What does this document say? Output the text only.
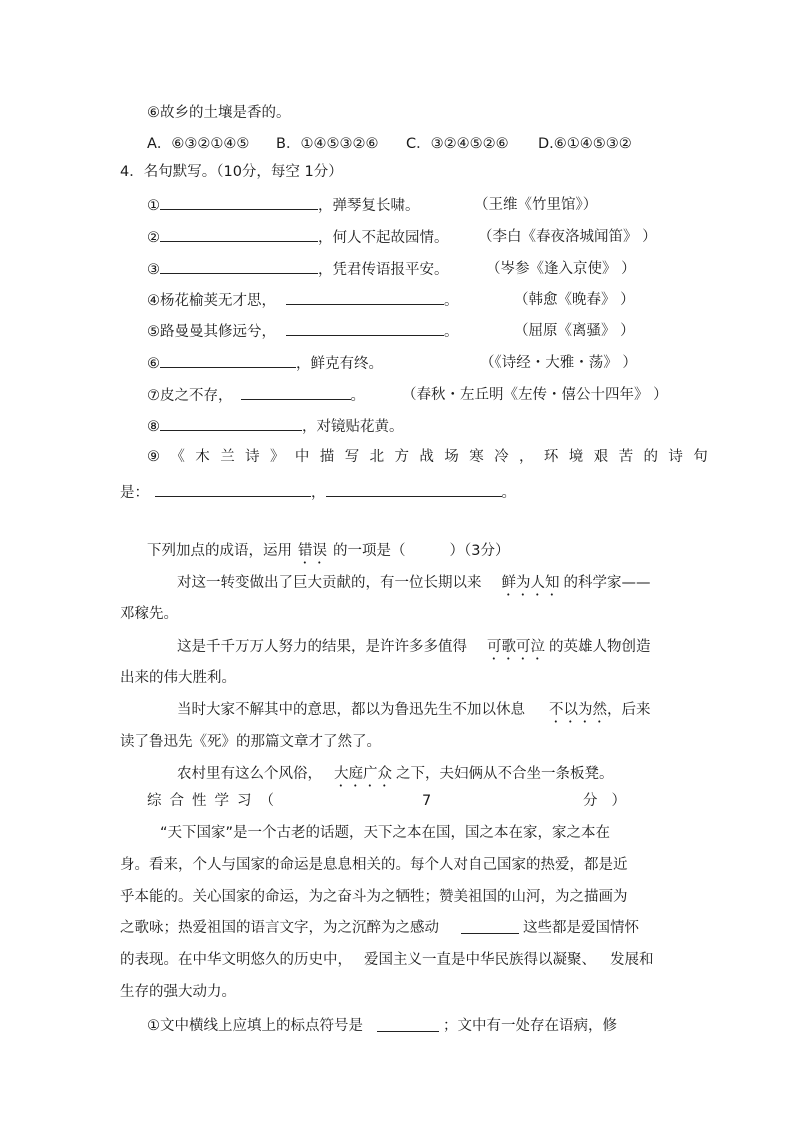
⑥故乡的土壤是香的。
A．⑥③②①④⑤ B．①④⑤③②⑥ C．③②④⑤②⑥ D.⑥①④⑤③②
4．名句默写。（10分，每空 1分）
①	，弹琴复长啸。	（王维《竹里馆》）
②	，何人不起故园情。 （李白《春夜洛城闻笛》 ）
③	，凭君传语报平安。	（岑参《逢入京使》 ）
④杨花榆荚无才思，	。	（韩愈《晚春》 ）
⑤路曼曼其修远兮，	。	（屈原《离骚》 ）
⑥	，鲜克有终。	（《诗经・大雅・荡》 ）
⑦皮之不存，	。	（春秋・左丘明《左传・僖公十四年》 ）
⑧	，对镜贴花黄。
⑨《木兰诗》中描写北方战场寒冷，环境艰苦的诗句
是：	，	。
下列加点的成语，运用 错误 的一项是（	）（3分）
对这一转变做出了巨大贡献的，有一位长期以来 鲜为人知 的科学家——
邓稼先。
这是千千万万人努力的结果，是许许多多值得 可歌可泣 的英雄人物创造
出来的伟大胜利。
当时大家不解其中的意思，都以为鲁迅先生不加以休息 不以为然，后来
读了鲁迅先《死》的那篇文章才了然了。
农村里有这么个风俗， 大庭广众 之下，夫妇俩从不合坐一条板凳。
综合性学习（	7	分）
“天下国家”是一个古老的话题，天下之本在国，国之本在家，家之本在
身。看来，个人与国家的命运是息息相关的。每个人对自己国家的热爱，都是近
乎本能的。关心国家的命运，为之奋斗为之牺牲；赞美祖国的山河，为之描画为
之歌咏；热爱祖国的语言文字，为之沉醉为之感动	这些都是爱国情怀
的表现。在中华文明悠久的历史中， 爱国主义一直是中华民族得以凝聚、 发展和
生存的强大动力。
①文中横线上应填上的标点符号是	；文中有一处存在语病，修
